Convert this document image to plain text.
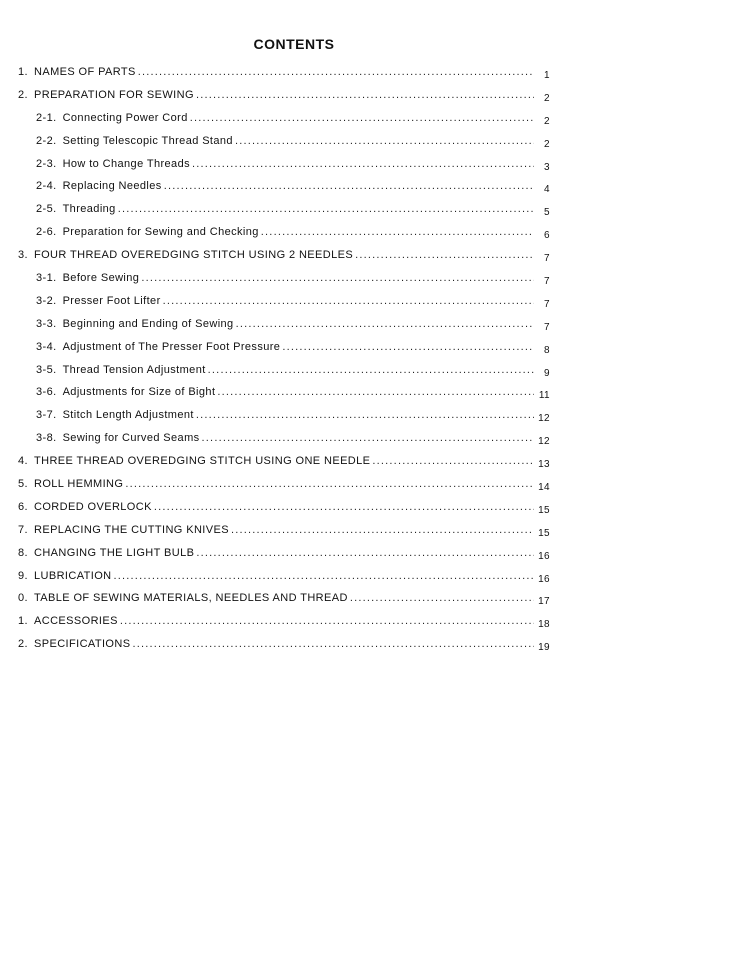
CONTENTS
1. NAMES OF PARTS .....	1
2. PREPARATION FOR SEWING .....	2
2-1. Connecting Power Cord .....	2
2-2. Setting Telescopic Thread Stand .....	2
2-3. How to Change Threads .....	3
2-4. Replacing Needles .....	4
2-5. Threading .....	5
2-6. Preparation for Sewing and Checking .....	6
3. FOUR THREAD OVEREDGING STITCH USING 2 NEEDLES .....	7
3-1. Before Sewing .....	7
3-2. Presser Foot Lifter .....	7
3-3. Beginning and Ending of Sewing .....	7
3-4. Adjustment of The Presser Foot Pressure .....	8
3-5. Thread Tension Adjustment .....	9
3-6. Adjustments for Size of Bight .....	11
3-7. Stitch Length Adjustment .....	12
3-8. Sewing for Curved Seams .....	12
4. THREE THREAD OVEREDGING STITCH USING ONE NEEDLE .....	13
5. ROLL HEMMING .....	14
6. CORDED OVERLOCK .....	15
7. REPLACING THE CUTTING KNIVES .....	15
8. CHANGING THE LIGHT BULB .....	16
9. LUBRICATION .....	16
0. TABLE OF SEWING MATERIALS, NEEDLES AND THREAD .....	17
1. ACCESSORIES .....	18
2. SPECIFICATIONS .....	19
